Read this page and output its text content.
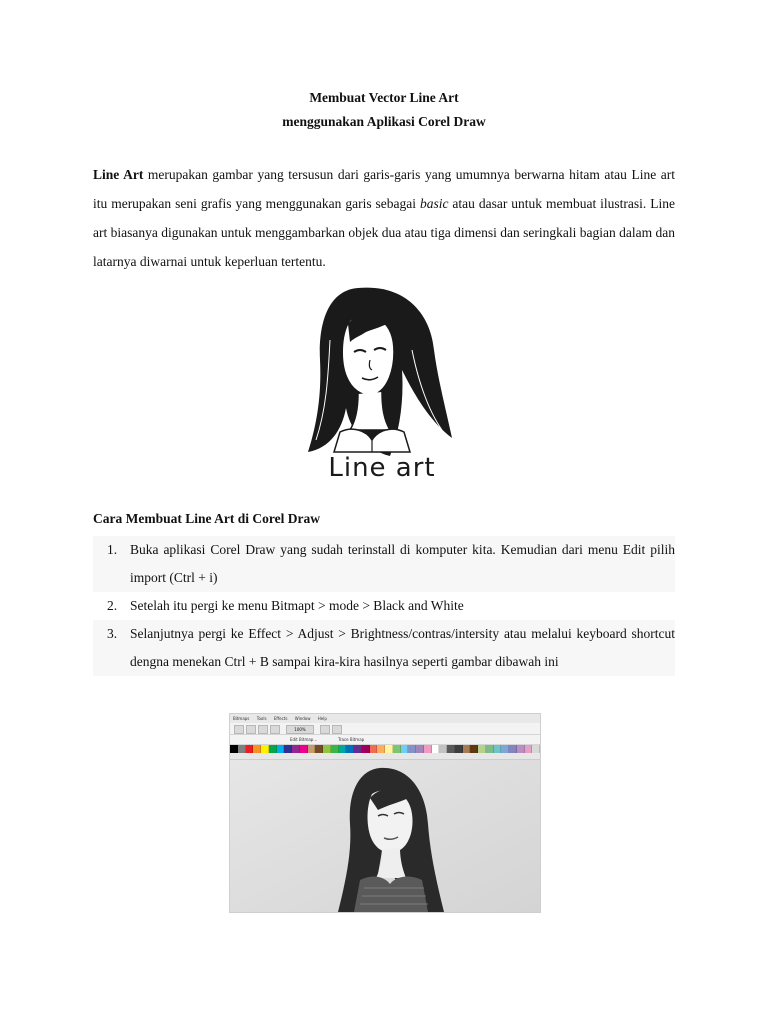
Membuat Vector Line Art
menggunakan Aplikasi Corel Draw

Line Art merupakan gambar yang tersusun dari garis-garis yang umumnya berwarna hitam atau Line art itu merupakan seni grafis yang menggunakan garis sebagai basic atau dasar untuk membuat ilustrasi. Line art biasanya digunakan untuk menggambarkan objek dua atau tiga dimensi dan seringkali bagian dalam dan latarnya diwarnai untuk keperluan tertentu.

Line art
Cara Membuat Line Art di Corel Draw
1. Buka aplikasi Corel Draw yang sudah terinstall di komputer kita. Kemudian dari menu Edit pilih import (Ctrl + i)
2. Setelah itu pergi ke menu Bitmapt > mode > Black and White
3. Selanjutnya pergi ke Effect > Adjust > Brightness/contras/intersity atau melalui keyboard shortcut dengna menekan Ctrl + B sampai kira-kira hasilnya seperti gambar dibawah ini
Bitmaps Tools Effects Window Help
100%
Edit Bitmap...	Trace Bitmap
